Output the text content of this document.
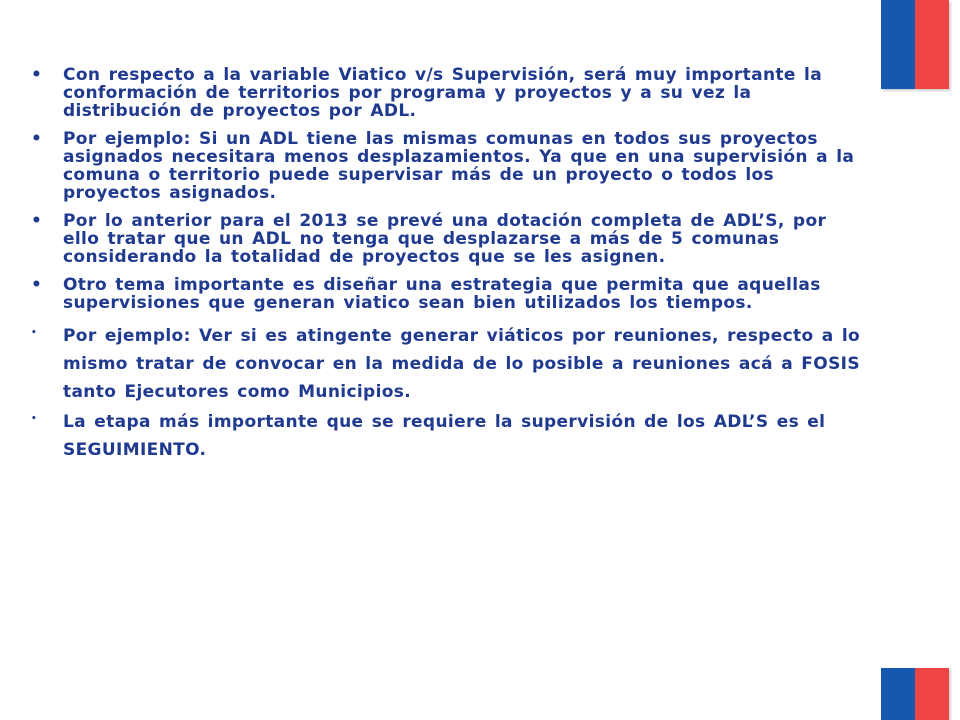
•	Con respecto a la variable Viatico v/s Supervisión, será muy importante la conformación de territorios por programa y proyectos y a su vez la distribución de proyectos por ADL.
•	Por ejemplo: Si un ADL tiene las mismas comunas en todos sus proyectos asignados necesitara menos desplazamientos. Ya que en una supervisión a la comuna o territorio puede supervisar más de un proyecto o todos los proyectos asignados.
•	Por lo anterior para el 2013 se prevé una dotación completa de ADL’S, por ello tratar que un ADL no tenga que desplazarse a más de 5 comunas considerando la totalidad de proyectos que se les asignen.
•	Otro tema importante es diseñar una estrategia que permita que aquellas supervisiones que generan viatico sean bien utilizados los tiempos.
•	Por ejemplo: Ver si es atingente generar viáticos por reuniones, respecto a lo mismo tratar de convocar en la medida de lo posible a reuniones acá a FOSIS tanto Ejecutores como Municipios.
•	La etapa más importante que se requiere la supervisión de los ADL’S es el SEGUIMIENTO.
